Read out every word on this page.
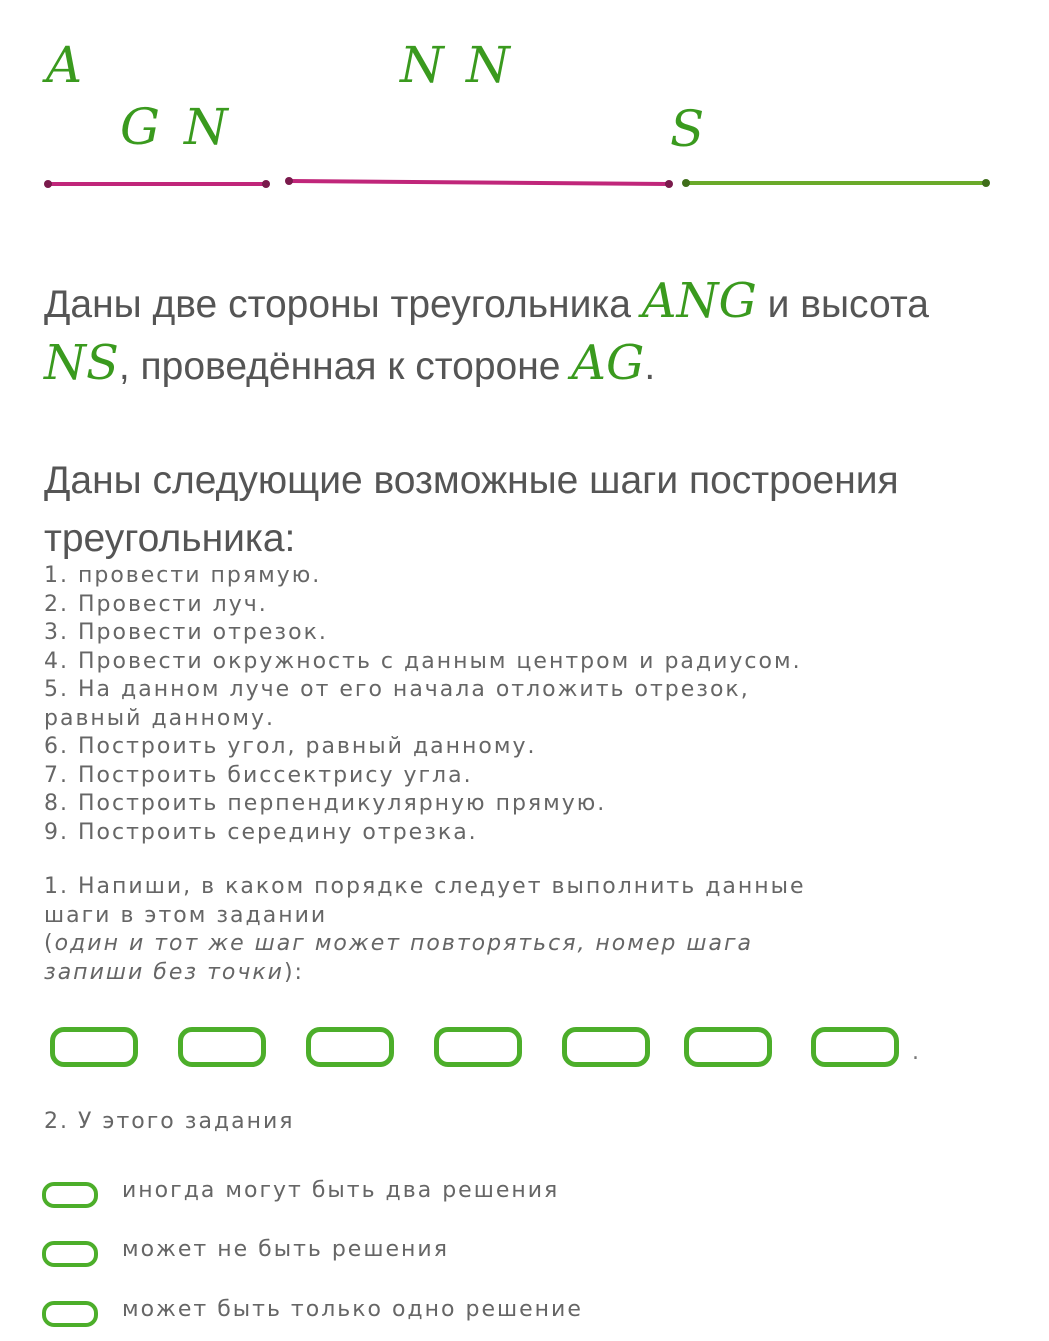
A	N N
G N	S
Даны две стороны треугольника ANG и высота
NS, проведённая к стороне AG.
Даны следующие возможные шаги построения треугольника:
1. провести прямую.
2. Провести луч.
3. Провести отрезок.
4. Провести окружность с данным центром и радиусом.
5. На данном луче от его начала отложить отрезок,
равный данному.
6. Построить угол, равный данному.
7. Построить биссектрису угла.
8. Построить перпендикулярную прямую.
9. Построить середину отрезка.
1. Напиши, в каком порядке следует выполнить данные
шаги в этом задании
(один и тот же шаг может повторяться, номер шага
запиши без точки):
.
2. У этого задания
иногда могут быть два решения
может не быть решения
может быть только одно решение
